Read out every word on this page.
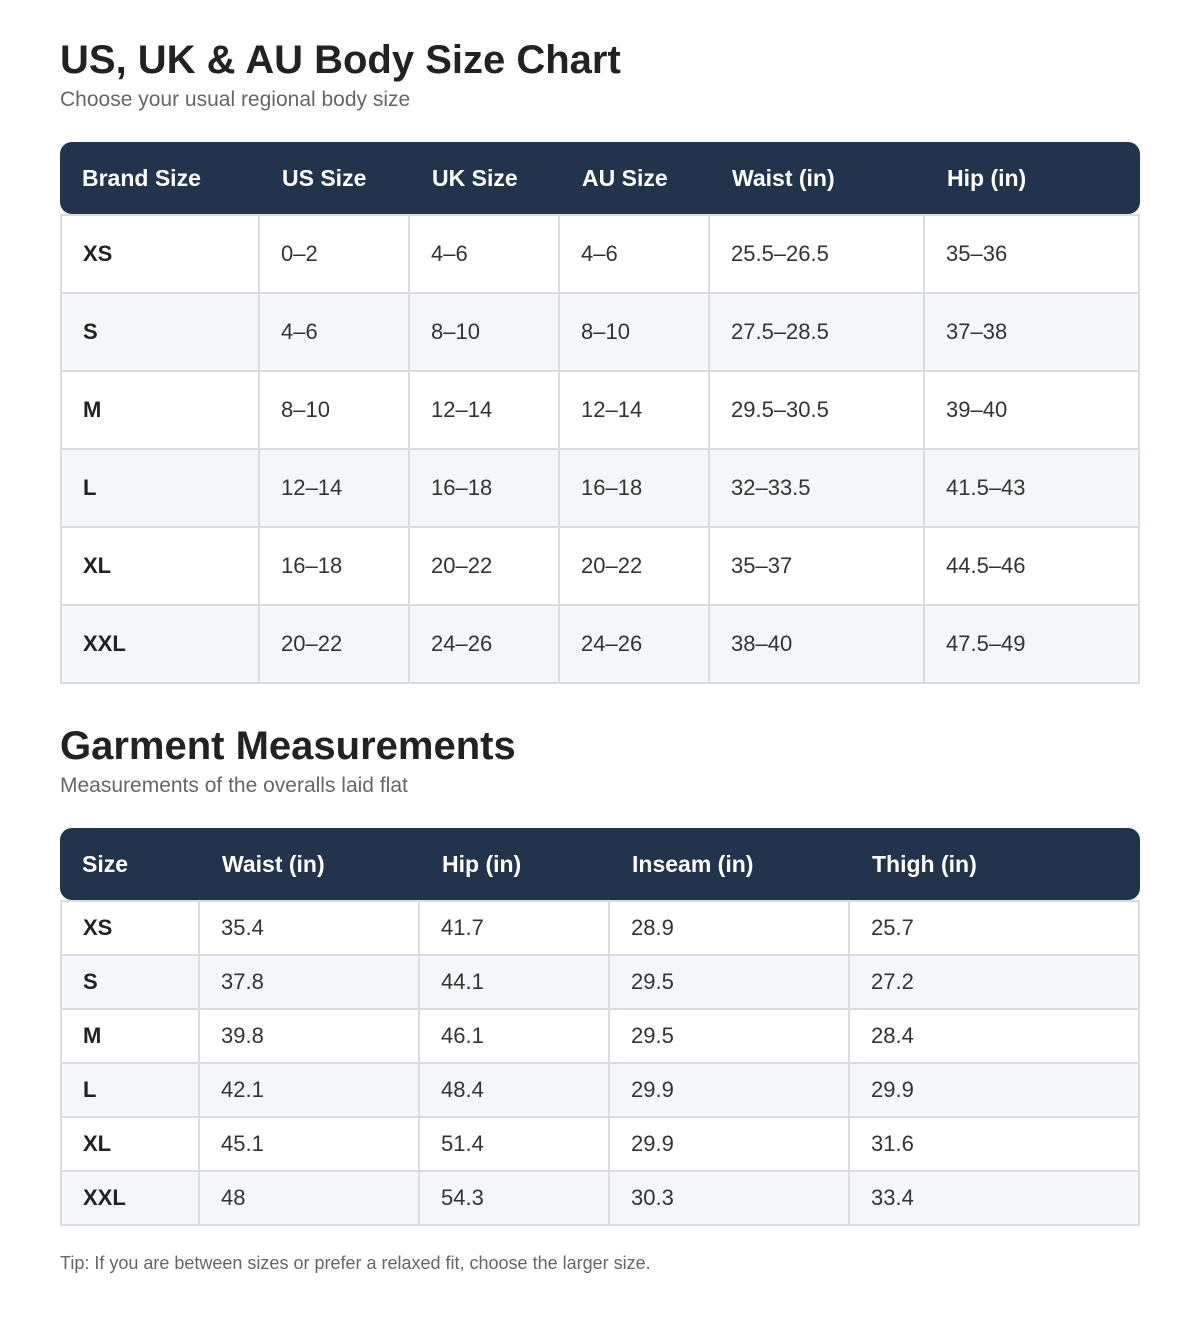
US, UK & AU Body Size Chart

Choose your usual regional body size

Brand Size	US Size	UK Size	AU Size	Waist (in)	Hip (in)
XS	0–2	4–6	4–6	25.5–26.5	35–36
S	4–6	8–10	8–10	27.5–28.5	37–38
M	8–10	12–14	12–14	29.5–30.5	39–40
L	12–14	16–18	16–18	32–33.5	41.5–43
XL	16–18	20–22	20–22	35–37	44.5–46
XXL	20–22	24–26	24–26	38–40	47.5–49
Garment Measurements

Measurements of the overalls laid flat

Size	Waist (in)	Hip (in)	Inseam (in)	Thigh (in)
XS	35.4	41.7	28.9	25.7
S	37.8	44.1	29.5	27.2
M	39.8	46.1	29.5	28.4
L	42.1	48.4	29.9	29.9
XL	45.1	51.4	29.9	31.6
XXL	48	54.3	30.3	33.4

Tip: If you are between sizes or prefer a relaxed fit, choose the larger size.
